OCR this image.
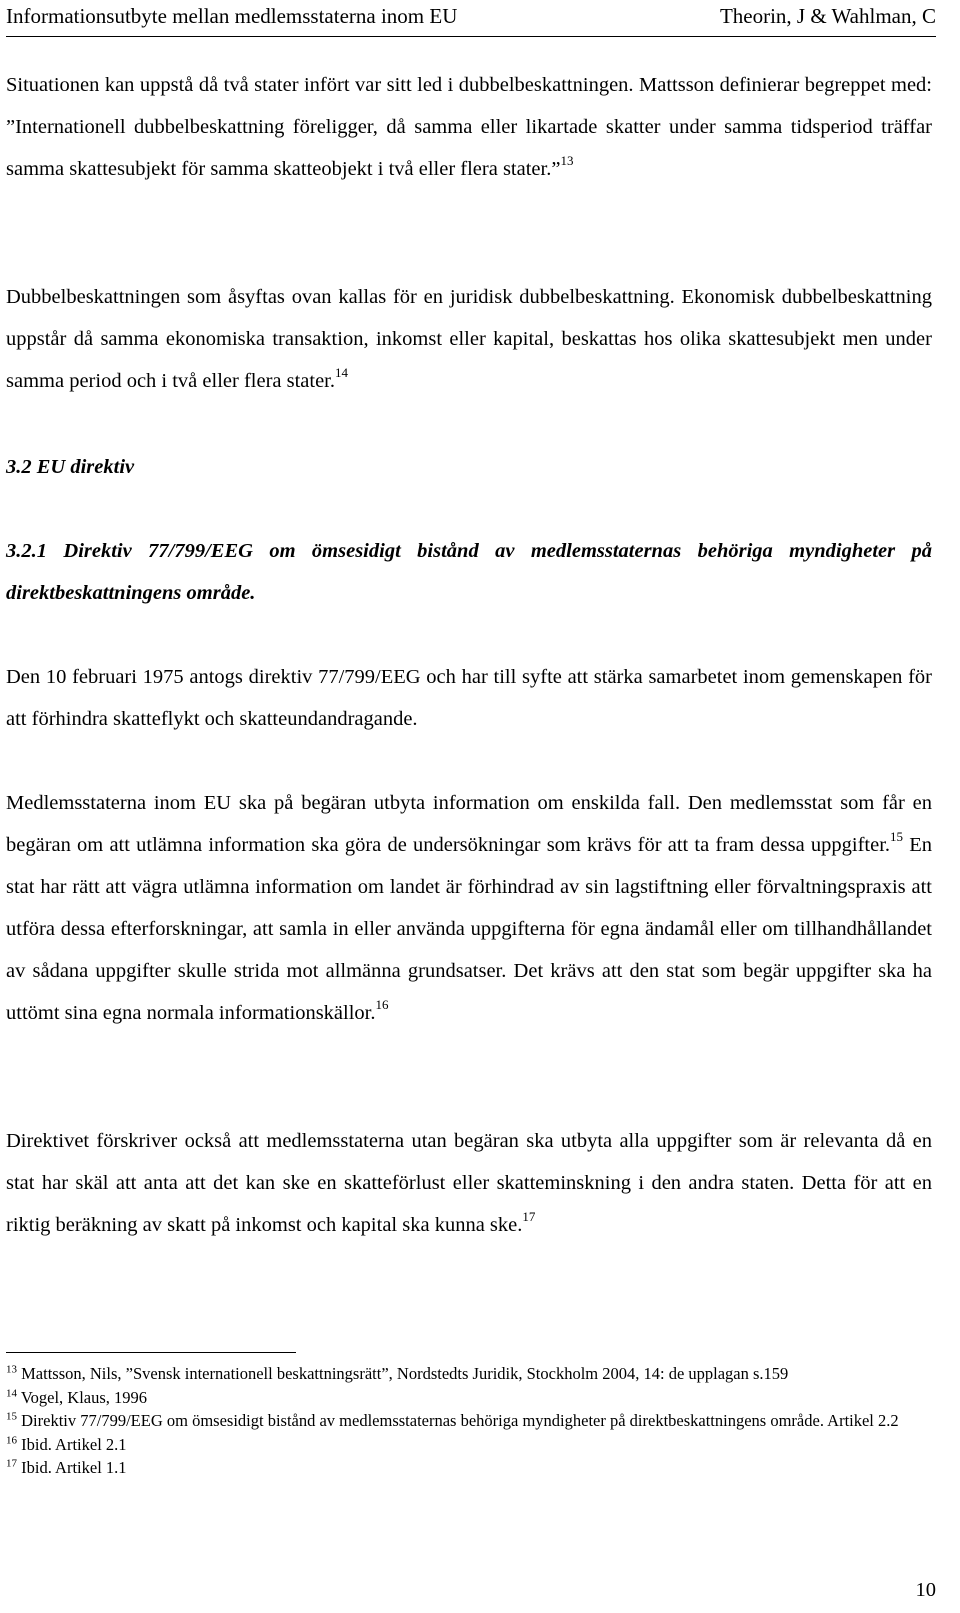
Informationsutbyte mellan medlemsstaterna inom EU	Theorin, J & Wahlman, C

Situationen kan uppstå då två stater infört var sitt led i dubbelbeskattningen. Mattsson definierar begreppet med: ”Internationell dubbelbeskattning föreligger, då samma eller likartade skatter under samma tidsperiod träffar samma skattesubjekt för samma skatteobjekt i två eller flera stater.”$^{13}$

Dubbelbeskattningen som åsyftas ovan kallas för en juridisk dubbelbeskattning. Ekonomisk dubbelbeskattning uppstår då samma ekonomiska transaktion, inkomst eller kapital, beskattas hos olika skattesubjekt men under samma period och i två eller flera stater.$^{14}$

3.2 EU direktiv
3.2.1 Direktiv 77/799/EEG om ömsesidigt bistånd av medlemsstaternas behöriga myndigheter på direktbeskattningens område.

Den 10 februari 1975 antogs direktiv 77/799/EEG och har till syfte att stärka samarbetet inom gemenskapen för att förhindra skatteflykt och skatteundandragande.

Medlemsstaterna inom EU ska på begäran utbyta information om enskilda fall. Den medlemsstat som får en begäran om att utlämna information ska göra de undersökningar som krävs för att ta fram dessa uppgifter.$^{15}$ En stat har rätt att vägra utlämna information om landet är förhindrad av sin lagstiftning eller förvaltningspraxis att utföra dessa efterforskningar, att samla in eller använda uppgifterna för egna ändamål eller om tillhandhållandet av sådana uppgifter skulle strida mot allmänna grundsatser. Det krävs att den stat som begär uppgifter ska ha uttömt sina egna normala informationskällor.$^{16}$

Direktivet förskriver också att medlemsstaterna utan begäran ska utbyta alla uppgifter som är relevanta då en stat har skäl att anta att det kan ske en skatteförlust eller skatteminskning i den andra staten. Detta för att en riktig beräkning av skatt på inkomst och kapital ska kunna ske.$^{17}$

$^{13}$ Mattsson, Nils, ”Svensk internationell beskattningsrätt”, Nordstedts Juridik, Stockholm 2004, 14: de upplagan s.159

$^{14}$ Vogel, Klaus, 1996

$^{15}$ Direktiv 77/799/EEG om ömsesidigt bistånd av medlemsstaternas behöriga myndigheter på direktbeskattningens område. Artikel 2.2

$^{16}$ Ibid. Artikel 2.1

$^{17}$ Ibid. Artikel 1.1

10
